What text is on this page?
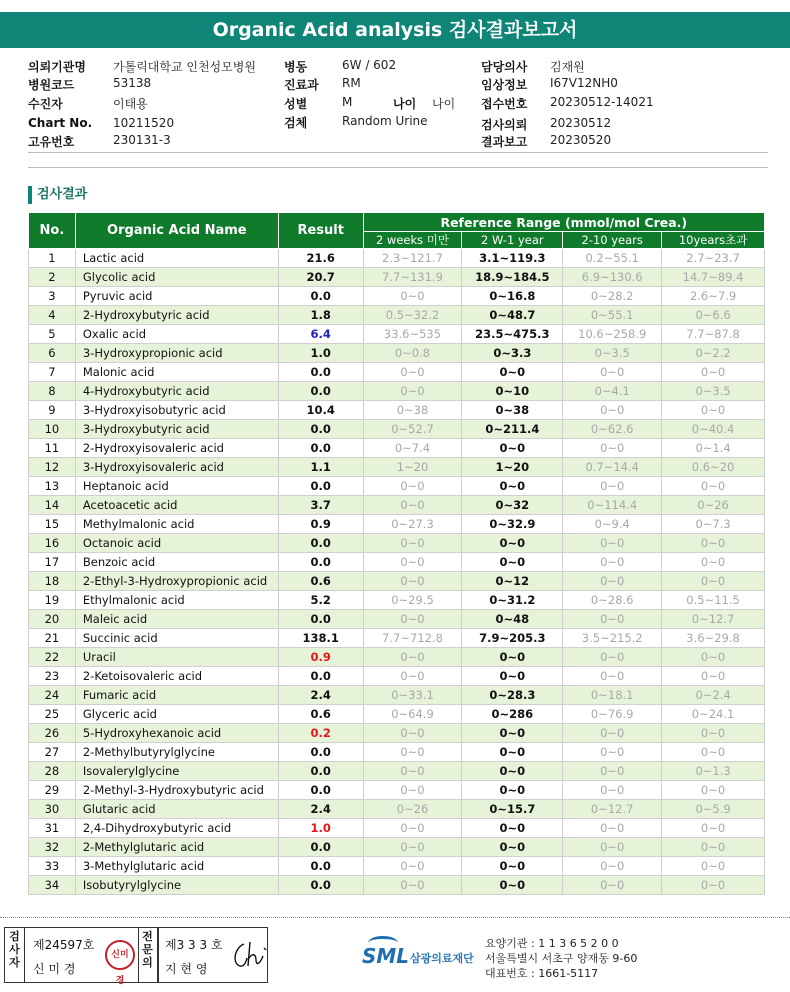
Organic Acid analysis 검사결과보고서
의뢰기관명 가톨릭대학교 인천성모병원
병원코드	53138
수진자	이태용
Chart No. 10211520
고유번호	230131-3
병동	6W / 602
진료과 RM
성별	M	나이 나이
검체	Random Urine
담당의사 김재원
임상정보 I67V12NH0
접수번호 20230512-14021
검사의뢰 20230512
결과보고 20230520
검사결과
No.	Organic Acid Name	Result	Reference Range (mmol/mol Crea.)			
			2 weeks 미만	2 W-1 year	2-10 years	10years초과
1	Lactic acid	21.6	2.3~121.7	3.1~119.3	0.2~55.1	2.7~23.7
2	Glycolic acid	20.7	7.7~131.9	18.9~184.5	6.9~130.6	14.7~89.4
3	Pyruvic acid	0.0	0~0	0~16.8	0~28.2	2.6~7.9
4	2-Hydroxybutyric acid	1.8	0.5~32.2	0~48.7	0~55.1	0~6.6
5	Oxalic acid	6.4	33.6~535	23.5~475.3	10.6~258.9	7.7~87.8
6	3-Hydroxypropionic acid	1.0	0~0.8	0~3.3	0~3.5	0~2.2
7	Malonic acid	0.0	0~0	0~0	0~0	0~0
8	4-Hydroxybutyric acid	0.0	0~0	0~10	0~4.1	0~3.5
9	3-Hydroxyisobutyric acid	10.4	0~38	0~38	0~0	0~0
10	3-Hydroxybutyric acid	0.0	0~52.7	0~211.4	0~62.6	0~40.4
11	2-Hydroxyisovaleric acid	0.0	0~7.4	0~0	0~0	0~1.4
12	3-Hydroxyisovaleric acid	1.1	1~20	1~20	0.7~14.4	0.6~20
13	Heptanoic acid	0.0	0~0	0~0	0~0	0~0
14	Acetoacetic acid	3.7	0~0	0~32	0~114.4	0~26
15	Methylmalonic acid	0.9	0~27.3	0~32.9	0~9.4	0~7.3
16	Octanoic acid	0.0	0~0	0~0	0~0	0~0
17	Benzoic acid	0.0	0~0	0~0	0~0	0~0
18	2-Ethyl-3-Hydroxypropionic acid	0.6	0~0	0~12	0~0	0~0
19	Ethylmalonic acid	5.2	0~29.5	0~31.2	0~28.6	0.5~11.5
20	Maleic acid	0.0	0~0	0~48	0~0	0~12.7
21	Succinic acid	138.1	7.7~712.8	7.9~205.3	3.5~215.2	3.6~29.8
22	Uracil	0.9	0~0	0~0	0~0	0~0
23	2-Ketoisovaleric acid	0.0	0~0	0~0	0~0	0~0
24	Fumaric acid	2.4	0~33.1	0~28.3	0~18.1	0~2.4
25	Glyceric acid	0.6	0~64.9	0~286	0~76.9	0~24.1
26	5-Hydroxyhexanoic acid	0.2	0~0	0~0	0~0	0~0
27	2-Methylbutyrylglycine	0.0	0~0	0~0	0~0	0~0
28	Isovalerylglycine	0.0	0~0	0~0	0~0	0~1.3
29	2-Methyl-3-Hydroxybutyric acid	0.0	0~0	0~0	0~0	0~0
30	Glutaric acid	2.4	0~26	0~15.7	0~12.7	0~5.9
31	2,4-Dihydroxybutyric acid	1.0	0~0	0~0	0~0	0~0
32	2-Methylglutaric acid	0.0	0~0	0~0	0~0	0~0
33	3-Methylglutaric acid	0.0	0~0	0~0	0~0	0~0
34	Isobutyrylglycine	0.0	0~0	0~0	0~0	0~0
검
사
자
제24597호
신 미 경
신미경
전
문
의
제3 3 3 호
지 현 영
SML 삼광의료재단
요양기관 : 1 1 3 6 5 2 0 0
서울특별시 서초구 양재동 9-60
대표번호 : 1661-5117
